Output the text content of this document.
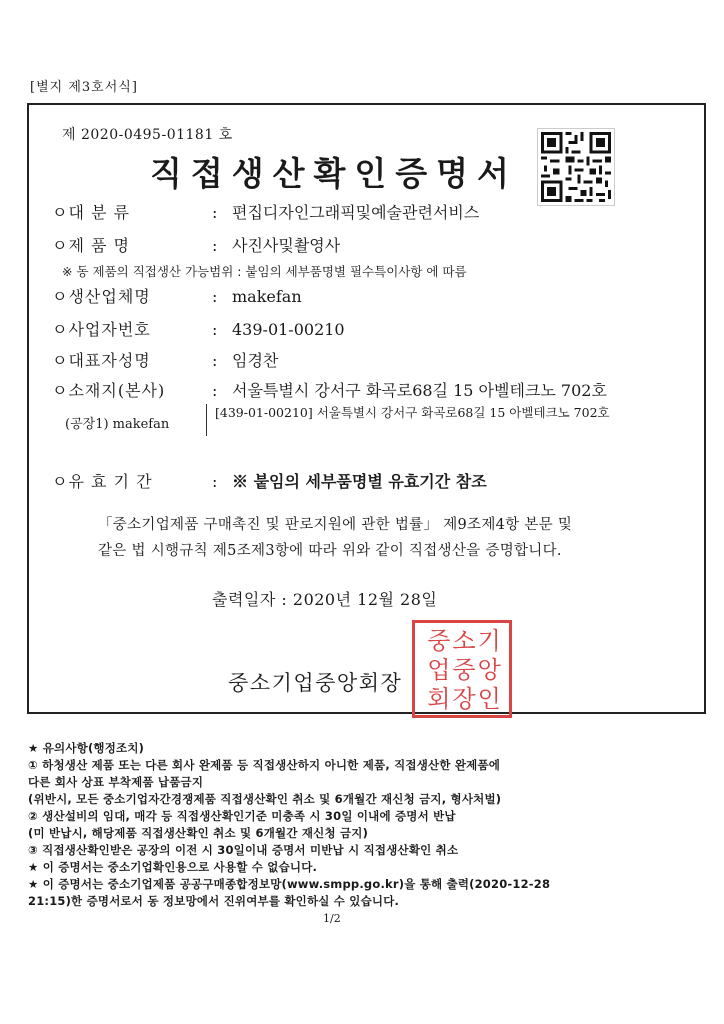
[별지 제3호서식]
제 2020-0495-01181 호
직접생산확인증명서
ㅇ대 분 류	: 편집디자인그래픽및예술관련서비스
ㅇ제 품 명	: 사진사및촬영사
※ 동 제품의 직접생산 가능범위 : 붙임의 세부품명별 필수특이사항 에 따름
ㅇ생산업체명	: makefan
ㅇ사업자번호	: 439-01-00210
ㅇ대표자성명	: 임경찬
ㅇ소재지(본사)	: 서울특별시 강서구 화곡로68길 15 아벨테크노 702호
(공장1) makefan
[439-01-00210] 서울특별시 강서구 화곡로68길 15 아벨테크노 702호
ㅇ유 효 기 간	: ※ 붙임의 세부품명별 유효기간 참조
「중소기업제품 구매촉진 및 판로지원에 관한 법률」 제9조제4항 본문 및
같은 법 시행규칙 제5조제3항에 따라 위와 같이 직접생산을 증명합니다.
출력일자 : 2020년 12월 28일
중소기업중앙회장
중소기업중앙회장인
★ 유의사항(행정조치)
① 하청생산 제품 또는 다른 회사 완제품 등 직접생산하지 아니한 제품, 직접생산한 완제품에
다른 회사 상표 부착제품 납품금지
(위반시, 모든 중소기업자간경쟁제품 직접생산확인 취소 및 6개월간 재신청 금지, 형사처벌)
② 생산설비의 임대, 매각 등 직접생산확인기준 미충족 시 30일 이내에 증명서 반납
(미 반납시, 해당제품 직접생산확인 취소 및 6개월간 재신청 금지)
③ 직접생산확인받은 공장의 이전 시 30일이내 증명서 미반납 시 직접생산확인 취소
★ 이 증명서는 중소기업확인용으로 사용할 수 없습니다.
★ 이 증명서는 중소기업제품 공공구매종합정보망(www.smpp.go.kr)을 통해 출력(2020-12-28
21:15)한 증명서로서 동 정보망에서 진위여부를 확인하실 수 있습니다.
1/2
